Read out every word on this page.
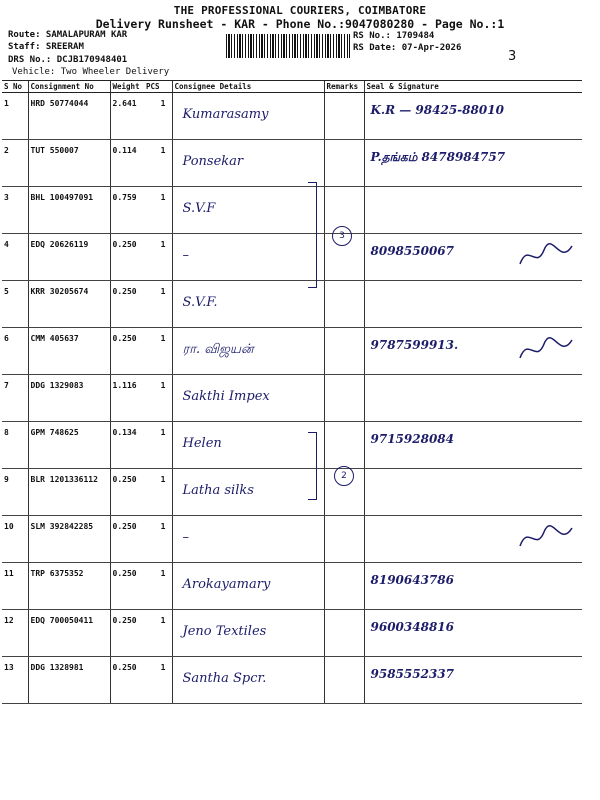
THE PROFESSIONAL COURIERS, COIMBATORE
Delivery Runsheet - KAR - Phone No.:9047080280 - Page No.:1
Route: SAMALAPURAM KAR
Staff: SREERAM
DRS No.: DCJB170948401
Vehicle: Two Wheeler Delivery
RS No.: 1709484
RS Date: 07-Apr-2026
3
S No	Consignment No	Weight	PCS	Consignee Details	Remarks	Seal & Signature
1	HRD 50774044	2.641	1	Kumarasamy		K.R — 98425-88010

2	TUT 550007	0.114	1	Ponsekar		P.தங்கம் 8478984757

3	BHL 100497091	0.759	1	S.V.F		

4	EDQ 20626119	0.250	1	–		8098550067

5	KRR 30205674	0.250	1	S.V.F.		

6	CMM 405637	0.250	1	ரா. விஜயன்		9787599913.

7	DDG 1329083	1.116	1	Sakthi Impex		

8	GPM 748625	0.134	1	Helen		9715928084

9	BLR 1201336112	0.250	1	Latha silks		

10	SLM 392842285	0.250	1	–

11	TRP 6375352	0.250	1	Arokayamary		8190643786

12	EDQ 700050411	0.250	1	Jeno Textiles		9600348816

13	DDG 1328981	0.250	1	Santha Spcr.		9585552337
3
2
